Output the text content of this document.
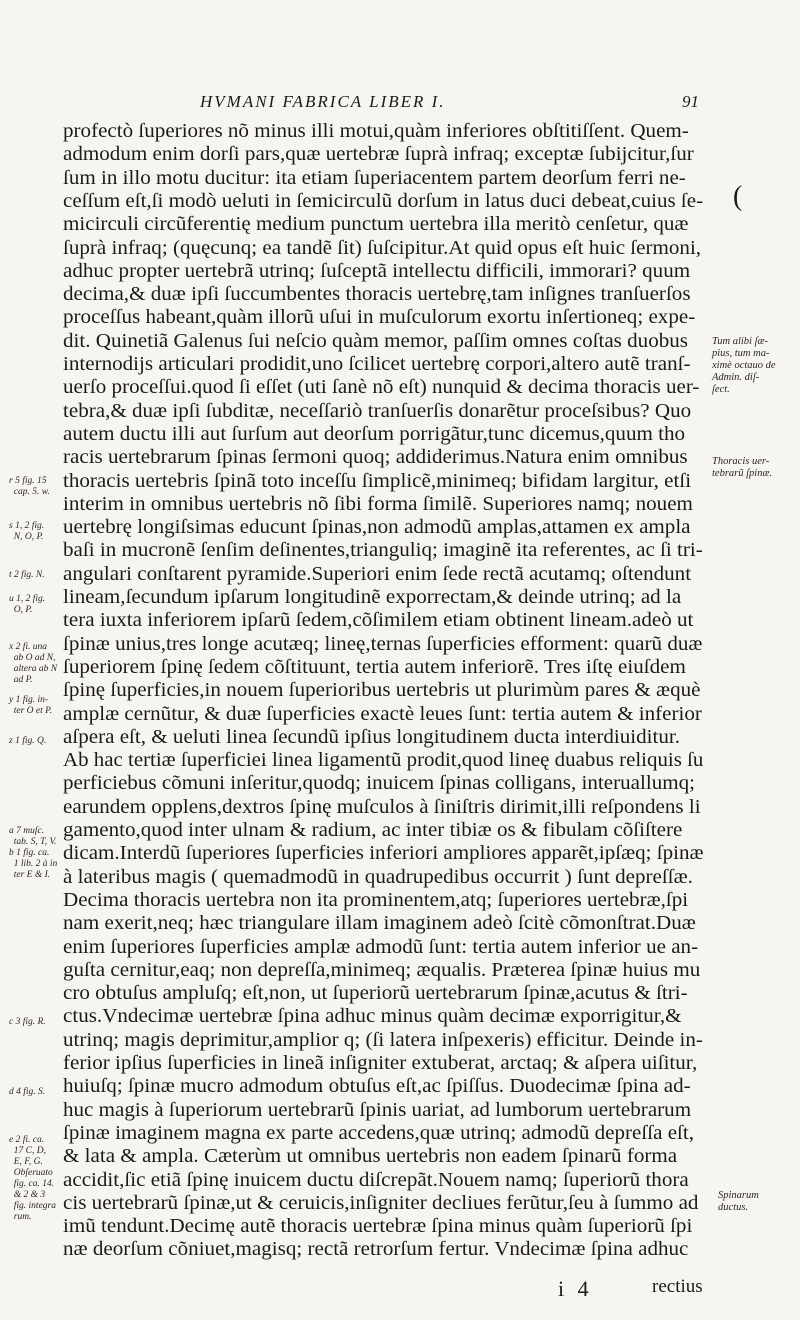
HVMANI FABRICA LIBER I.	91
profectò ſuperiores nõ minus illi motui,quàm inferiores obſtitiſſent. Quem-
admodum enim dorſi pars,quæ uertebræ ſuprà infraq; exceptæ ſubijcitur,ſur
ſum in illo motu ducitur: ita etiam ſuperiacentem partem deorſum ferri ne-
ceſſum eſt,ſi modò ueluti in ſemicirculũ dorſum in latus duci debeat,cuius ſe-
micirculi circũferentię medium punctum uertebra illa meritò cenſetur, quæ
ſuprà infraq; (quęcunq; ea tandẽ ſit) ſuſcipitur.At quid opus eſt huic ſermoni,
adhuc propter uertebrã utrinq; ſuſceptã intellectu difficili, immorari? quum
decima,& duæ ipſi ſuccumbentes thoracis uertebrę,tam inſignes tranſuerſos
proceſſus habeant,quàm illorũ uſui in muſculorum exortu inſertioneq; expe-
dit. Quinetiã Galenus ſui neſcio quàm memor, paſſim omnes coſtas duobus
internodijs articulari prodidit,uno ſcilicet uertebrę corpori,altero autẽ tranſ-
uerſo proceſſui.quod ſi eſſet (uti ſanè nõ eſt) nunquid & decima thoracis uer-
tebra,& duæ ipſi ſubditæ, neceſſariò tranſuerſis donarẽtur proceſsibus? Quo
autem ductu illi aut ſurſum aut deorſum porrigãtur,tunc dicemus,quum tho
racis uertebrarum ſpinas ſermoni quoq; addiderimus.Natura enim omnibus
thoracis uertebris ſpinã toto inceſſu ſimplicẽ,minimeq; bifidam largitur, etſi
interim in omnibus uertebris nõ ſibi forma ſimilẽ. Superiores namq; nouem
uertebrę longiſsimas educunt ſpinas,non admodũ amplas,attamen ex ampla
baſi in mucronẽ ſenſim deſinentes,trianguliq; imaginẽ ita referentes, ac ſi tri-
angulari conſtarent pyramide.Superiori enim ſede rectã acutamq; oſtendunt
lineam,ſecundum ipſarum longitudinẽ exporrectam,& deinde utrinq; ad la
tera iuxta inferiorem ipſarũ ſedem,cõſimilem etiam obtinent lineam.adeò ut
ſpinæ unius,tres longe acutæq; lineę,ternas ſuperficies efforment: quarũ duæ
ſuperiorem ſpinę ſedem cõſtituunt, tertia autem inferiorẽ. Tres iſtę eiuſdem
ſpinę ſuperficies,in nouem ſuperioribus uertebris ut plurimùm pares & æquè
amplæ cernũtur, & duæ ſuperficies exactè leues ſunt: tertia autem & inferior
aſpera eſt, & ueluti linea ſecundũ ipſius longitudinem ducta interdiuiditur.
Ab hac tertiæ ſuperficiei linea ligamentũ prodit,quod lineę duabus reliquis ſu
perficiebus cõmuni inſeritur,quodq; inuicem ſpinas colligans, interuallumq;
earundem opplens,dextros ſpinę muſculos à ſiniſtris dirimit,illi reſpondens li
gamento,quod inter ulnam & radium, ac inter tibiæ os & fibulam cõſiſtere
dicam.Interdũ ſuperiores ſuperficies inferiori ampliores apparẽt,ipſæq; ſpinæ
à lateribus magis ( quemadmodũ in quadrupedibus occurrit ) ſunt depreſſæ.
Decima thoracis uertebra non ita prominentem,atq; ſuperiores uertebræ,ſpi
nam exerit,neq; hæc triangulare illam imaginem adeò ſcitè cõmonſtrat.Duæ
enim ſuperiores ſuperficies amplæ admodũ ſunt: tertia autem inferior ue an-
guſta cernitur,eaq; non depreſſa,minimeq; æqualis. Præterea ſpinæ huius mu
cro obtuſus ampluſq; eſt,non, ut ſuperiorũ uertebrarum ſpinæ,acutus & ſtri-
ctus.Vndecimæ uertebræ ſpina adhuc minus quàm decimæ exporrigitur,&
utrinq; magis deprimitur,amplior q; (ſi latera inſpexeris) efficitur. Deinde in-
ferior ipſius ſuperficies in lineã inſigniter extuberat, arctaq; & aſpera uiſitur,
huiuſq; ſpinæ mucro admodum obtuſus eſt,ac ſpiſſus. Duodecimæ ſpina ad-
huc magis à ſuperiorum uertebrarũ ſpinis uariat, ad lumborum uertebrarum
ſpinæ imaginem magna ex parte accedens,quæ utrinq; admodũ depreſſa eſt,
& lata & ampla. Cæterùm ut omnibus uertebris non eadem ſpinarũ forma
accidit,ſic etiã ſpinę inuicem ductu diſcrepãt.Nouem namq; ſuperiorũ thora
cis uertebrarũ ſpinæ,ut & ceruicis,inſigniter decliues ferũtur,ſeu à ſummo ad
imũ tendunt.Decimę autẽ thoracis uertebræ ſpina minus quàm ſuperiorũ ſpi
næ deorſum cõniuet,magisq; rectã retrorſum fertur. Vndecimæ ſpina adhuc
r 5 fig. 15
cap. 5. w.
s 1, 2 fig.
N, O, P.
t 2 fig. N.
u 1, 2 fig.
O, P.
x 2 fi. una
ab O ad N,
altera ab N
ad P.
y 1 fig. in-
ter O et P.
z 1 fig. Q.
a 7 muſc.
tab. S, T, V.
b 1 fig. ca.
1 lib. 2 à in
ter E & I.
c 3 fig. R.
d 4 fig. S.
e 2 fi. ca.
17 C, D,
E, F, G.
Obſeruato
fig. ca. 14.
& 2 & 3
fig. integra
rum.
(
Tum alibi ſæ-
pius, tum ma-
ximè octauo de
Admin. diſ-
ſect.
Thoracis uer-
tebrarũ ſpinæ.
Spinarum
ductus.
i 4	rectius
